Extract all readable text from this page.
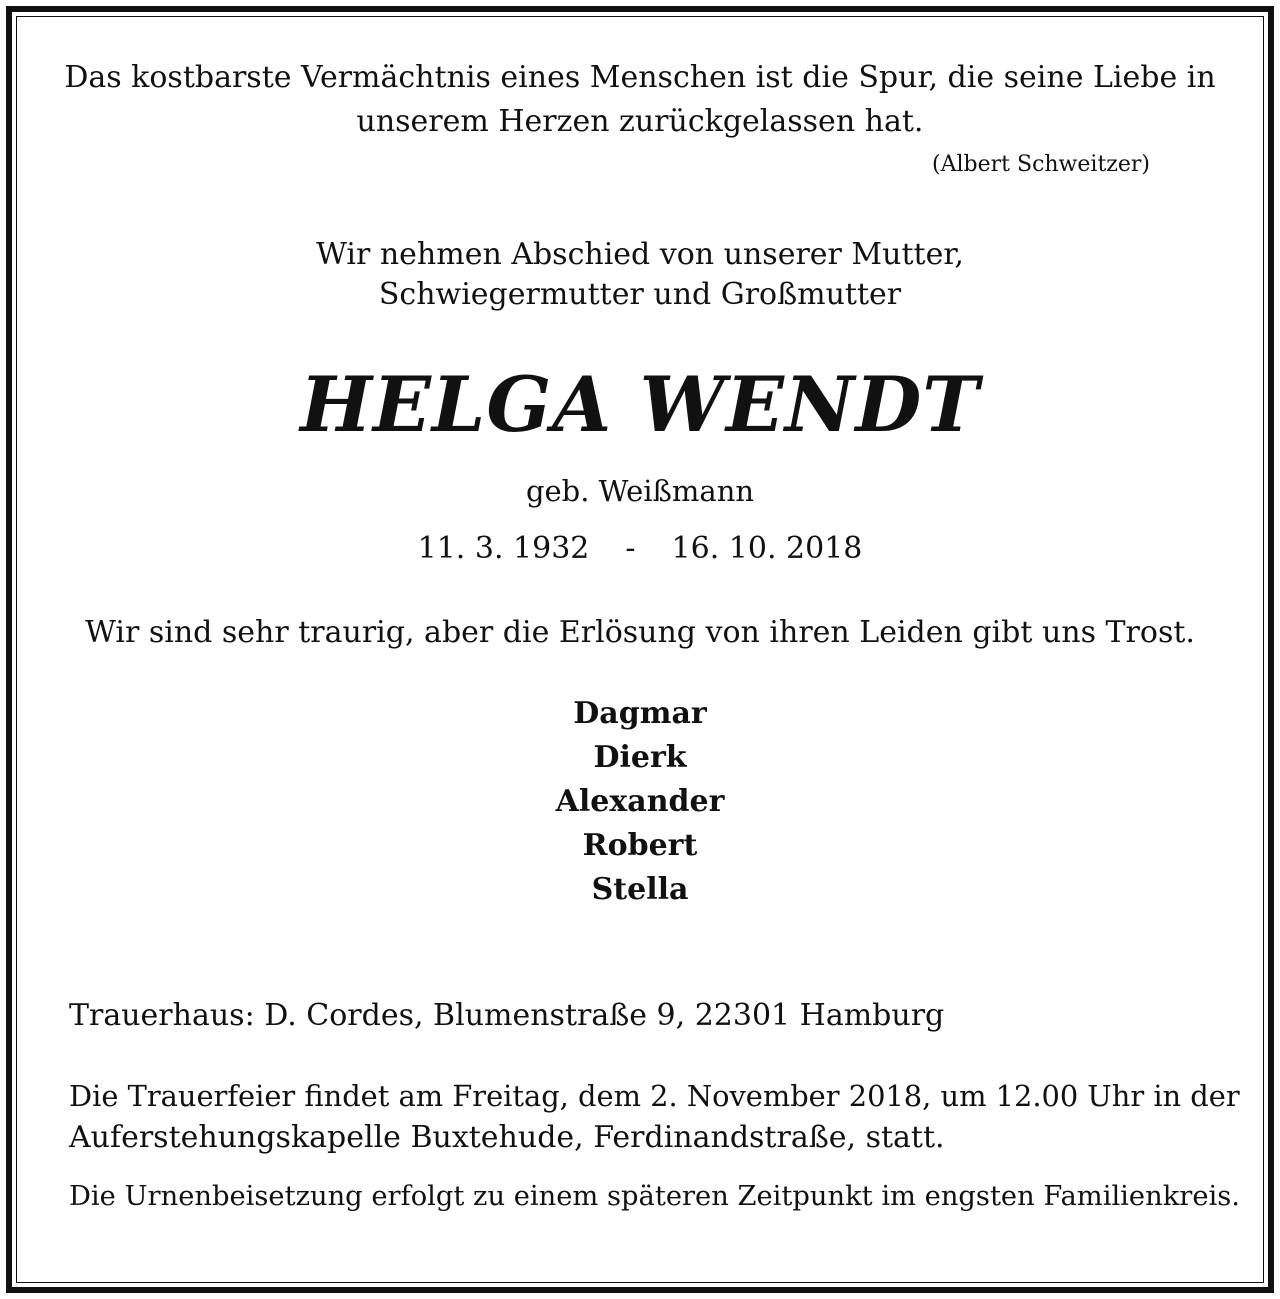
Das kostbarste Vermächtnis eines Menschen ist die Spur, die seine Liebe in
unserem Herzen zurückgelassen hat.
(Albert Schweitzer)
Wir nehmen Abschied von unserer Mutter,
Schwiegermutter und Großmutter
HELGA WENDT
geb. Weißmann
11. 3. 1932 - 16. 10. 2018
Wir sind sehr traurig, aber die Erlösung von ihren Leiden gibt uns Trost.
Dagmar
Dierk
Alexander
Robert
Stella
Trauerhaus: D. Cordes, Blumenstraße 9, 22301 Hamburg
Die Trauerfeier findet am Freitag, dem 2. November 2018, um 12.00 Uhr in der
Auferstehungskapelle Buxtehude, Ferdinandstraße, statt.
Die Urnenbeisetzung erfolgt zu einem späteren Zeitpunkt im engsten Familienkreis.
